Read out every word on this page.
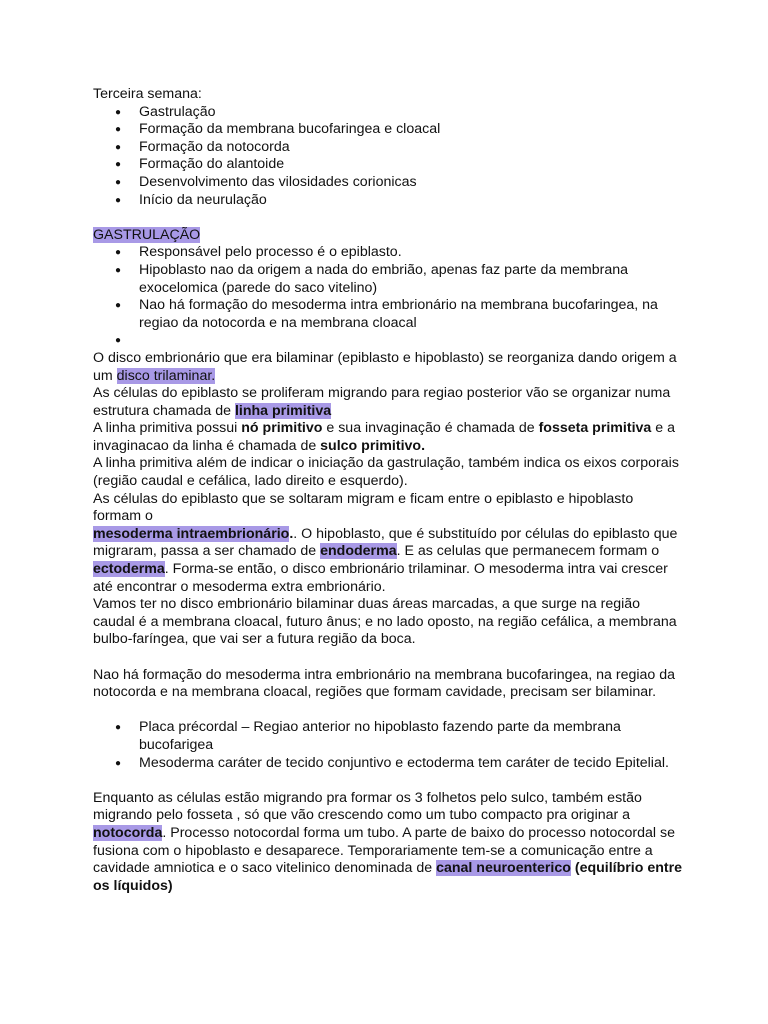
Terceira semana:

● Gastrulação
● Formação da membrana bucofaringea e cloacal
● Formação da notocorda
● Formação do alantoide
● Desenvolvimento das vilosidades corionicas
● Início da neurulação

GASTRULAÇÃO

● Responsável pelo processo é o epiblasto.
● Hipoblasto nao da origem a nada do embrião, apenas faz parte da membrana exocelomica (parede do saco vitelino)
● Nao há formação do mesoderma intra embrionário na membrana bucofaringea, na regiao da notocorda e na membrana cloacal
●

O disco embrionário que era bilaminar (epiblasto e hipoblasto) se reorganiza dando origem a um disco trilaminar.

As células do epiblasto se proliferam migrando para regiao posterior vão se organizar numa estrutura chamada de linha primitiva

A linha primitiva possui nó primitivo e sua invaginação é chamada de fosseta primitiva e a invaginacao da linha é chamada de sulco primitivo.

A linha primitiva além de indicar o iniciação da gastrulação, também indica os eixos corporais (região caudal e cefálica, lado direito e esquerdo).

As células do epiblasto que se soltaram migram e ficam entre o epiblasto e hipoblasto formam o

mesoderma intraembrionário.. O hipoblasto, que é substituído por células do epiblasto que migraram, passa a ser chamado de endoderma. E as celulas que permanecem formam o ectoderma. Forma-se então, o disco embrionário trilaminar. O mesoderma intra vai crescer até encontrar o mesoderma extra embrionário.

Vamos ter no disco embrionário bilaminar duas áreas marcadas, a que surge na região caudal é a membrana cloacal, futuro ânus; e no lado oposto, na região cefálica, a membrana bulbo-faríngea, que vai ser a futura região da boca.

Nao há formação do mesoderma intra embrionário na membrana bucofaringea, na regiao da notocorda e na membrana cloacal, regiões que formam cavidade, precisam ser bilaminar.

● Placa précordal – Regiao anterior no hipoblasto fazendo parte da membrana bucofarigea
● Mesoderma caráter de tecido conjuntivo e ectoderma tem caráter de tecido Epitelial.

Enquanto as células estão migrando pra formar os 3 folhetos pelo sulco, também estão migrando pelo fosseta , só que vão crescendo como um tubo compacto pra originar a notocorda. Processo notocordal forma um tubo. A parte de baixo do processo notocordal se fusiona com o hipoblasto e desaparece. Temporariamente tem-se a comunicação entre a cavidade amniotica e o saco vitelinico denominada de canal neuroenterico (equilíbrio entre os líquidos)
